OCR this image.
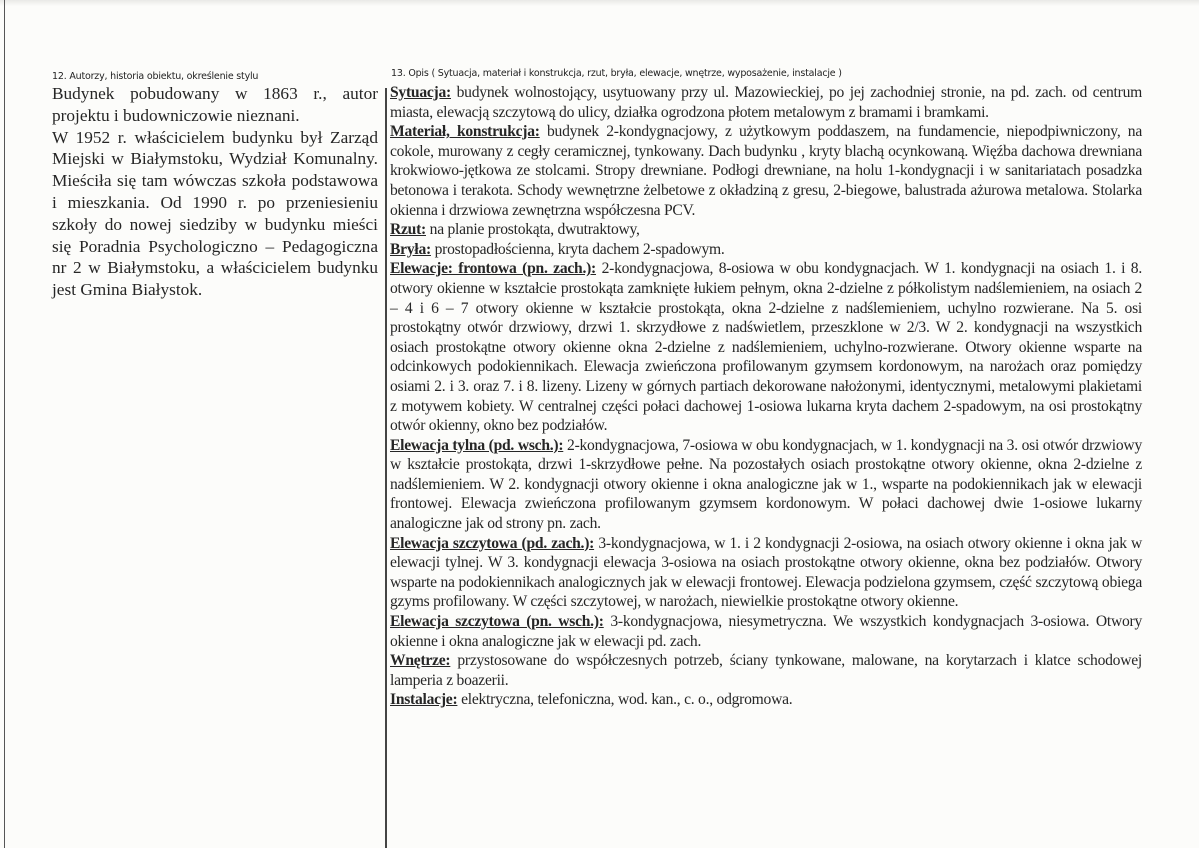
12. Autorzy, historia obiektu, określenie stylu

Budynek pobudowany w 1863 r., autor projektu i budowniczowie nieznani.

W 1952 r. właścicielem budynku był Zarząd Miejski w Białymstoku, Wydział Komunalny. Mieściła się tam wówczas szkoła podstawowa i mieszkania. Od 1990 r. po przeniesieniu szkoły do nowej siedziby w budynku mieści się Poradnia Psychologiczno – Pedagogiczna nr 2 w Białymstoku, a właścicielem budynku jest Gmina Białystok.

13. Opis ( Sytuacja, materiał i konstrukcja, rzut, bryła, elewacje, wnętrze, wyposażenie, instalacje )

Sytuacja: budynek wolnostojący, usytuowany przy ul. Mazowieckiej, po jej zachodniej stronie, na pd. zach. od centrum miasta, elewacją szczytową do ulicy, działka ogrodzona płotem metalowym z bramami i bramkami.

Materiał, konstrukcja: budynek 2-kondygnacjowy, z użytkowym poddaszem, na fundamencie, niepodpiwniczony, na cokole, murowany z cegły ceramicznej, tynkowany. Dach budynku , kryty blachą ocynkowaną. Więźba dachowa drewniana krokwiowo-jętkowa ze stolcami. Stropy drewniane. Podłogi drewniane, na holu 1-kondygnacji i w sanitariatach posadzka betonowa i terakota. Schody wewnętrzne żelbetowe z okładziną z gresu, 2-biegowe, balustrada ażurowa metalowa. Stolarka okienna i drzwiowa zewnętrzna współczesna PCV.

Rzut: na planie prostokąta, dwutraktowy,

Bryła: prostopadłościenna, kryta dachem 2-spadowym.

Elewacje: frontowa (pn. zach.): 2-kondygnacjowa, 8-osiowa w obu kondygnacjach. W 1. kondygnacji na osiach 1. i 8. otwory okienne w kształcie prostokąta zamknięte łukiem pełnym, okna 2-dzielne z półkolistym nadślemieniem, na osiach 2 – 4 i 6 – 7 otwory okienne w kształcie prostokąta, okna 2-dzielne z nadślemieniem, uchylno rozwierane. Na 5. osi prostokątny otwór drzwiowy, drzwi 1. skrzydłowe z nadświetlem, przeszklone w 2/3. W 2. kondygnacji na wszystkich osiach prostokątne otwory okienne okna 2-dzielne z nadślemieniem, uchylno-rozwierane. Otwory okienne wsparte na odcinkowych podokiennikach. Elewacja zwieńczona profilowanym gzymsem kordonowym, na narożach oraz pomiędzy osiami 2. i 3. oraz 7. i 8. lizeny. Lizeny w górnych partiach dekorowane nałożonymi, identycznymi, metalowymi plakietami z motywem kobiety. W centralnej części połaci dachowej 1-osiowa lukarna kryta dachem 2-spadowym, na osi prostokątny otwór okienny, okno bez podziałów.

Elewacja tylna (pd. wsch.): 2-kondygnacjowa, 7-osiowa w obu kondygnacjach, w 1. kondygnacji na 3. osi otwór drzwiowy w kształcie prostokąta, drzwi 1-skrzydłowe pełne. Na pozostałych osiach prostokątne otwory okienne, okna 2-dzielne z nadślemieniem. W 2. kondygnacji otwory okienne i okna analogiczne jak w 1., wsparte na podokiennikach jak w elewacji frontowej. Elewacja zwieńczona profilowanym gzymsem kordonowym. W połaci dachowej dwie 1-osiowe lukarny analogiczne jak od strony pn. zach.

Elewacja szczytowa (pd. zach.): 3-kondygnacjowa, w 1. i 2 kondygnacji 2-osiowa, na osiach otwory okienne i okna jak w elewacji tylnej. W 3. kondygnacji elewacja 3-osiowa na osiach prostokątne otwory okienne, okna bez podziałów. Otwory wsparte na podokiennikach analogicznych jak w elewacji frontowej. Elewacja podzielona gzymsem, część szczytową obiega gzyms profilowany. W części szczytowej, w narożach, niewielkie prostokątne otwory okienne.

Elewacja szczytowa (pn. wsch.): 3-kondygnacjowa, niesymetryczna. We wszystkich kondygnacjach 3-osiowa. Otwory okienne i okna analogiczne jak w elewacji pd. zach.

Wnętrze: przystosowane do współczesnych potrzeb, ściany tynkowane, malowane, na korytarzach i klatce schodowej lamperia z boazerii.

Instalacje: elektryczna, telefoniczna, wod. kan., c. o., odgromowa.
